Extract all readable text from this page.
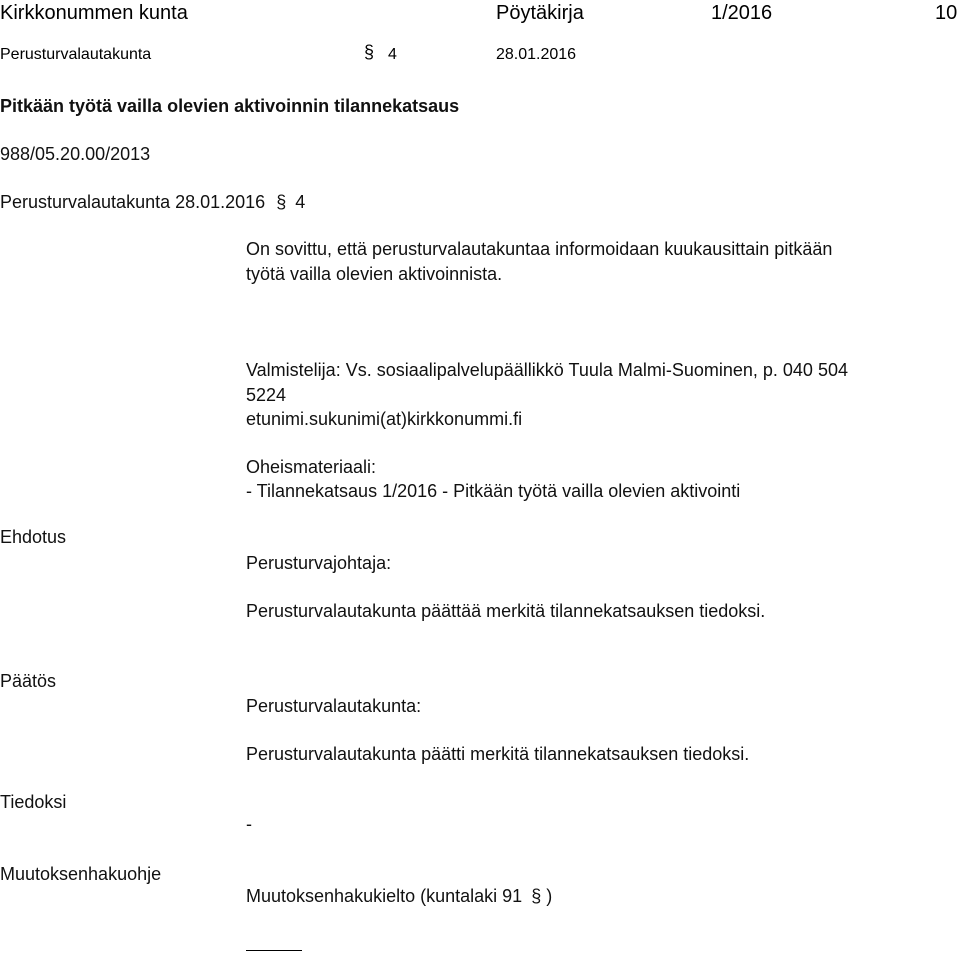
Kirkkonummen kunta	Pöytäkirja	1/2016	10
Perusturvalautakunta	§ 4	28.01.2016
Pitkään työtä vailla olevien aktivoinnin tilannekatsaus
988/05.20.00/2013
Perusturvalautakunta 28.01.2016 § 4
On sovittu, että perusturvalautakuntaa informoidaan kuukausittain pitkään
työtä vailla olevien aktivoinnista.
Valmistelija: Vs. sosiaalipalvelupäällikkö Tuula Malmi-Suominen, p. 040 504
5224
etunimi.sukunimi(at)kirkkonummi.fi
Oheismateriaali:
- Tilannekatsaus 1/2016 - Pitkään työtä vailla olevien aktivointi
Ehdotus
Perusturvajohtaja:
Perusturvalautakunta päättää merkitä tilannekatsauksen tiedoksi.
Päätös
Perusturvalautakunta:
Perusturvalautakunta päätti merkitä tilannekatsauksen tiedoksi.
Tiedoksi
-
Muutoksenhakuohje
Muutoksenhakukielto (kuntalaki 91 § )
